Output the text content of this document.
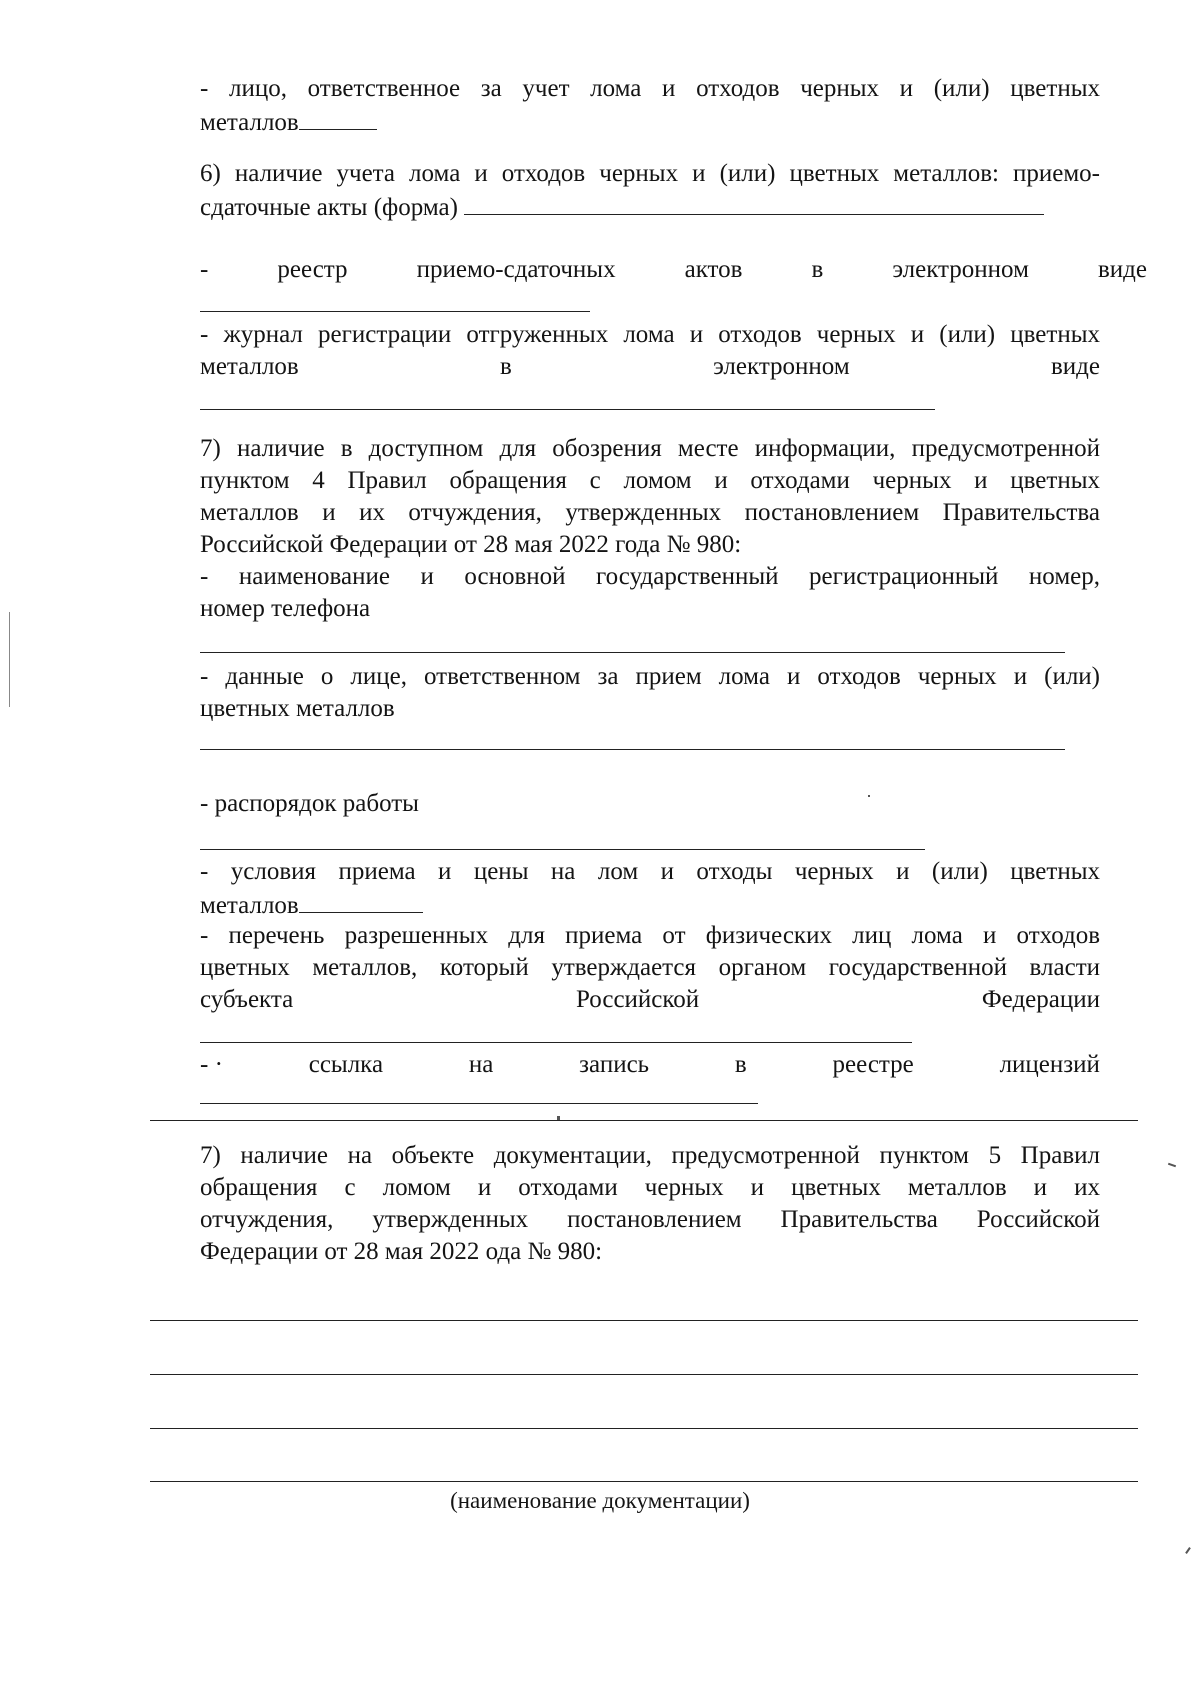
- лицо, ответственное за учет лома и отходов черных и (или) цветных
металлов
6) наличие учета лома и отходов черных и (или) цветных металлов: приемо-
сдаточные акты (форма)
-	реестр	приемо-сдаточных	актов	в	электронном	виде
- журнал регистрации отгруженных лома и отходов черных и (или) цветных
металлов	в	электронном	виде
7) наличие в доступном для обозрения месте информации, предусмотренной
пунктом 4 Правил обращения с ломом и отходами черных и цветных
металлов и их отчуждения, утвержденных постановлением Правительства
Российской Федерации от 28 мая 2022 года № 980:
- наименование и основной государственный регистрационный номер,
номер телефона
- данные о лице, ответственном за прием лома и отходов черных и (или)
цветных металлов
- распорядок работы
- условия приема и цены на лом и отходы черных и (или) цветных
металлов
- перечень разрешенных для приема от физических лиц лома и отходов
цветных металлов, который утверждается органом государственной власти
субъекта	Российской	Федерации
- ·	ссылка	на	запись	в	реестре	лицензий
7) наличие на объекте документации, предусмотренной пунктом 5 Правил
обращения с ломом и отходами черных и цветных металлов и их
отчуждения, утвержденных постановлением Правительства Российской
Федерации от 28 мая 2022 ода № 980:
(наименование документации)
